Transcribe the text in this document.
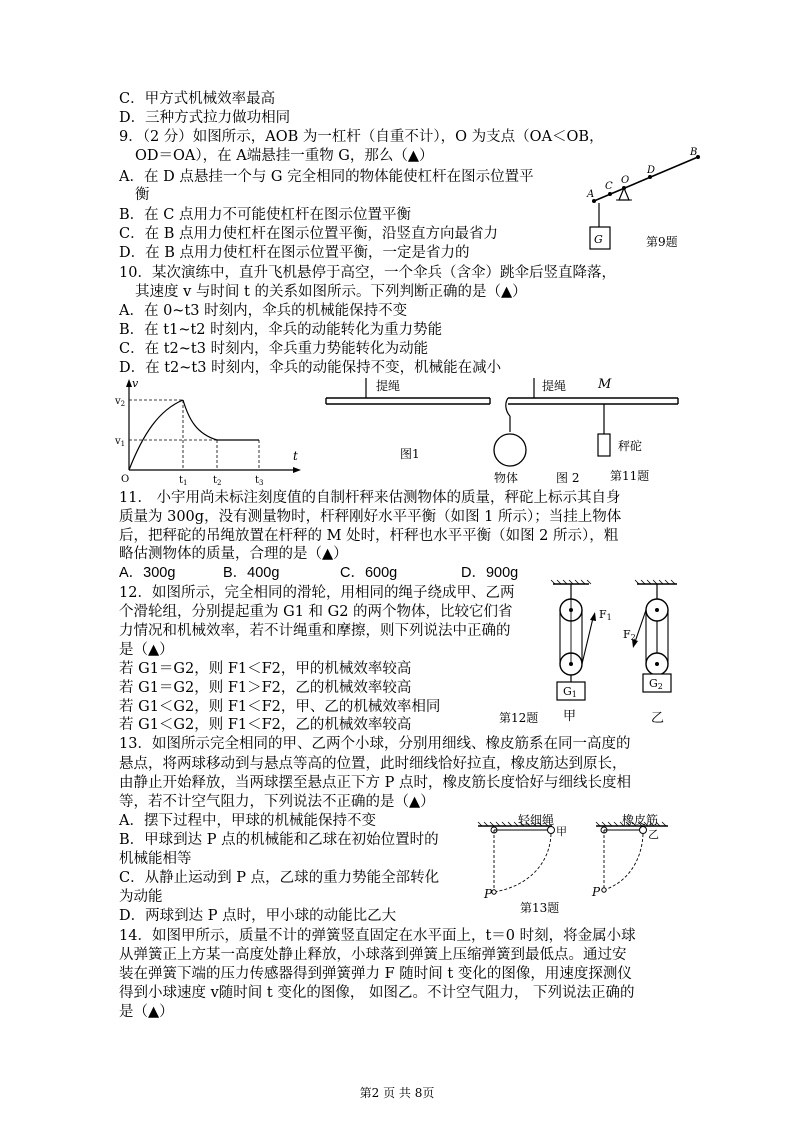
C．甲方式机械效率最高
D．三种方式拉力做功相同
9．（2 分）如图所示，AOB 为一杠杆（自重不计），O 为支点（OA＜OB，
OD＝OA），在 A端悬挂一重物 G，那么（▲）
A．在 D 点悬挂一个与 G 完全相同的物体能使杠杆在图示位置平
衡
B．在 C 点用力不可能使杠杆在图示位置平衡
C．在 B 点用力使杠杆在图示位置平衡，沿竖直方向最省力
D．在 B 点用力使杠杆在图示位置平衡，一定是省力的
G
A
C
O
D
B
第9题
10．某次演练中，直升飞机悬停于高空，一个伞兵（含伞）跳伞后竖直降落，
其速度 v 与时间 t 的关系如图所示。下列判断正确的是（▲）
A．在 0~t3 时刻内，伞兵的机械能保持不变
B．在 t1~t2 时刻内，伞兵的动能转化为重力势能
C．在 t2~t3 时刻内，伞兵重力势能转化为动能
D．在 t2~t3 时刻内，伞兵的动能保持不变，机械能在减小
v
$v_2$
$v_1$
O
t
$t_1$	$t_2$	$t_3$
提绳
图1
提绳 M
秤砣
物体	图 2	第11题
11． 小宇用尚未标注刻度值的自制杆秤来估测物体的质量，秤砣上标示其自身
质量为 300g，没有测量物时，杆秤刚好水平平衡（如图 1 所示）；当挂上物体
后，把秤砣的吊绳放置在杆秤的 M 处时，杆秤也水平平衡（如图 2 所示），粗
略估测物体的质量，合理的是（▲）
A．300g	B．400g	C．600g	D．900g
12．如图所示，完全相同的滑轮，用相同的绳子绕成甲、乙两
个滑轮组，分别提起重为 G1 和 G2 的两个物体，比较它们省
力情况和机械效率，若不计绳重和摩擦，则下列说法中正确的
是（▲）
若 G1＝G2，则 F1＜F2，甲的机械效率较高
若 G1＝G2，则 F1＞F2，乙的机械效率较高
若 G1＜G2，则 F1＜F2，甲、乙的机械效率相同
若 G1＜G2，则 F1＜F2，乙的机械效率较高
F1
G1
F2
G2
第12题 甲	乙
13．如图所示完全相同的甲、乙两个小球，分别用细线、橡皮筋系在同一高度的
悬点，将两球移动到与悬点等高的位置，此时细线恰好拉直，橡皮筋达到原长，
由静止开始释放，当两球摆至悬点正下方 P 点时，橡皮筋长度恰好与细线长度相
等，若不计空气阻力，下列说法不正确的是（▲）
A．摆下过程中，甲球的机械能保持不变
B．甲球到达 P 点的机械能和乙球在初始位置时的
机械能相等
C．从静止运动到 P 点，乙球的重力势能全部转化
为动能
D．两球到达 P 点时，甲小球的动能比乙大
轻细绳
甲
P
橡皮筋
乙
P
第13题
14．如图甲所示，质量不计的弹簧竖直固定在水平面上，t＝0 时刻，将金属小球
从弹簧正上方某一高度处静止释放，小球落到弹簧上压缩弹簧到最低点。通过安
装在弹簧下端的压力传感器得到弹簧弹力 F 随时间 t 变化的图像，用速度探测仪
得到小球速度 v随时间 t 变化的图像， 如图乙。不计空气阻力， 下列说法正确的
是（▲）
第2 页 共 8页
